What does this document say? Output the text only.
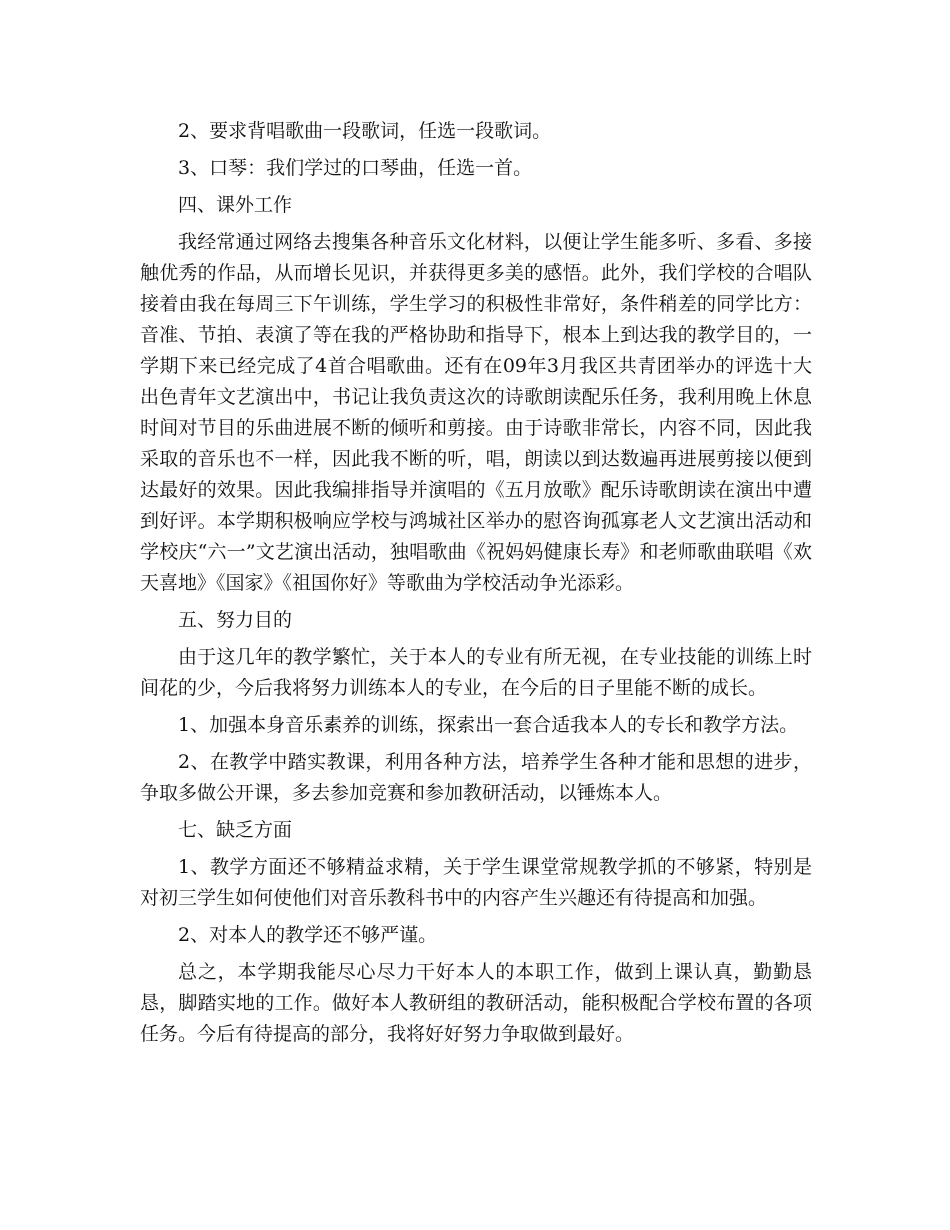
2、要求背唱歌曲一段歌词，任选一段歌词。

3、口琴：我们学过的口琴曲，任选一首。

四、课外工作

我经常通过网络去搜集各种音乐文化材料，以便让学生能多听、多看、多接触优秀的作品，从而增长见识，并获得更多美的感悟。此外，我们学校的合唱队接着由我在每周三下午训练，学生学习的积极性非常好，条件稍差的同学比方：音准、节拍、表演了等在我的严格协助和指导下，根本上到达我的教学目的，一学期下来已经完成了4首合唱歌曲。还有在09年3月我区共青团举办的评选十大出色青年文艺演出中，书记让我负责这次的诗歌朗读配乐任务，我利用晚上休息时间对节目的乐曲进展不断的倾听和剪接。由于诗歌非常长，内容不同，因此我采取的音乐也不一样，因此我不断的听，唱，朗读以到达数遍再进展剪接以便到达最好的效果。因此我编排指导并演唱的《五月放歌》配乐诗歌朗读在演出中遭到好评。本学期积极响应学校与鸿城社区举办的慰咨询孤寡老人文艺演出活动和学校庆“六一”文艺演出活动，独唱歌曲《祝妈妈健康长寿》和老师歌曲联唱《欢天喜地》《国家》《祖国你好》等歌曲为学校活动争光添彩。

五、努力目的

由于这几年的教学繁忙，关于本人的专业有所无视，在专业技能的训练上时间花的少，今后我将努力训练本人的专业，在今后的日子里能不断的成长。

1、加强本身音乐素养的训练，探索出一套合适我本人的专长和教学方法。

2、在教学中踏实教课，利用各种方法，培养学生各种才能和思想的进步，争取多做公开课，多去参加竞赛和参加教研活动，以锤炼本人。

七、缺乏方面

1、教学方面还不够精益求精，关于学生课堂常规教学抓的不够紧，特别是对初三学生如何使他们对音乐教科书中的内容产生兴趣还有待提高和加强。

2、对本人的教学还不够严谨。

总之，本学期我能尽心尽力干好本人的本职工作，做到上课认真，勤勤恳恳，脚踏实地的工作。做好本人教研组的教研活动，能积极配合学校布置的各项任务。今后有待提高的部分，我将好好努力争取做到最好。
